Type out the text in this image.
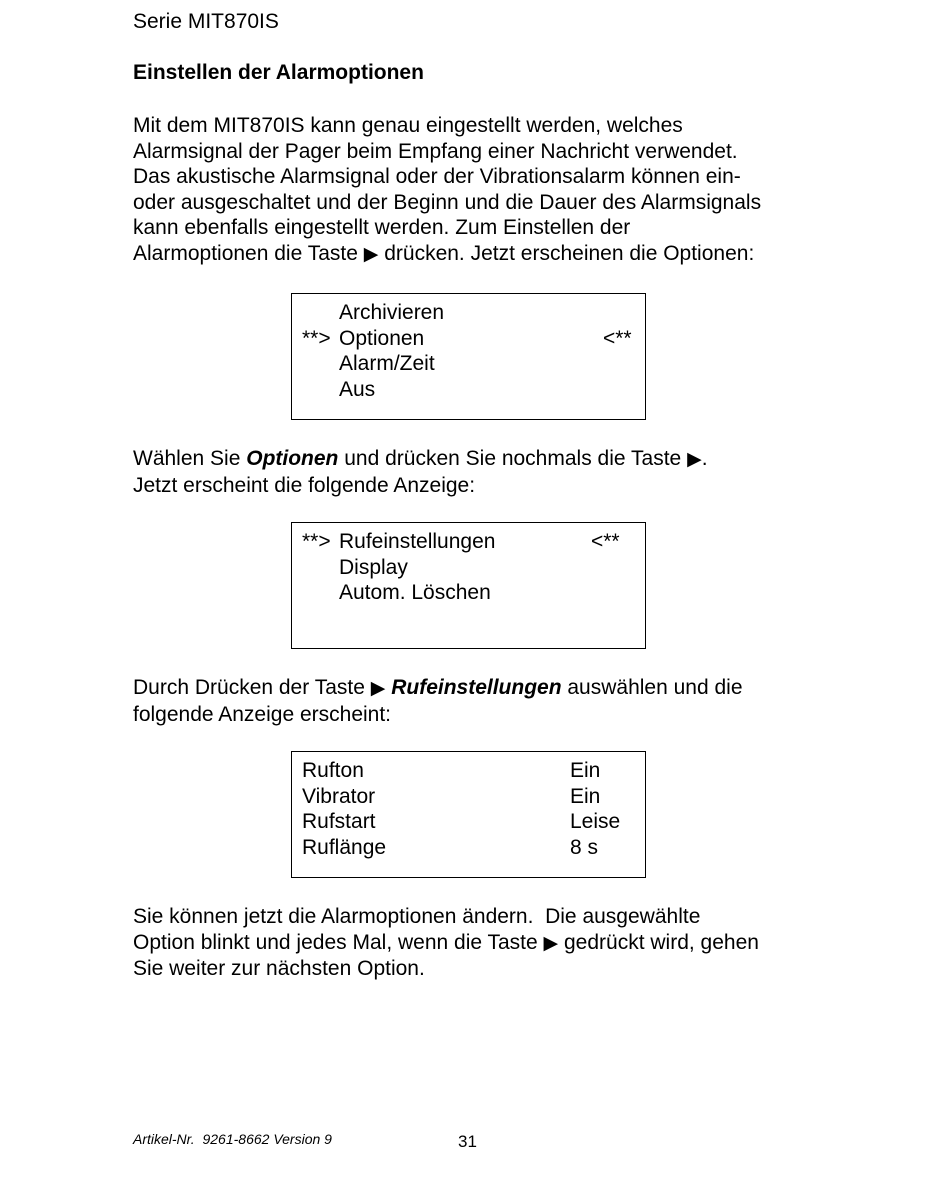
Serie MIT870IS
Einstellen der Alarmoptionen
Mit dem MIT870IS kann genau eingestellt werden, welches
Alarmsignal der Pager beim Empfang einer Nachricht verwendet.
Das akustische Alarmsignal oder der Vibrationsalarm können ein-
oder ausgeschaltet und der Beginn und die Dauer des Alarmsignals
kann ebenfalls eingestellt werden. Zum Einstellen der
Alarmoptionen die Taste ▶ drücken. Jetzt erscheinen die Optionen:
Archivieren
**> Optionen	<**
Alarm/Zeit
Aus
Wählen Sie Optionen und drücken Sie nochmals die Taste ▶.
Jetzt erscheint die folgende Anzeige:
**> Rufeinstellungen	<**
Display
Autom. Löschen
Durch Drücken der Taste ▶ Rufeinstellungen auswählen und die
folgende Anzeige erscheint:
Rufton	Ein
Vibrator	Ein
Rufstart	Leise
Ruflänge	8 s
Sie können jetzt die Alarmoptionen ändern.  Die ausgewählte
Option blinkt und jedes Mal, wenn die Taste ▶ gedrückt wird, gehen
Sie weiter zur nächsten Option.
Artikel-Nr.  9261-8662 Version 9	31
